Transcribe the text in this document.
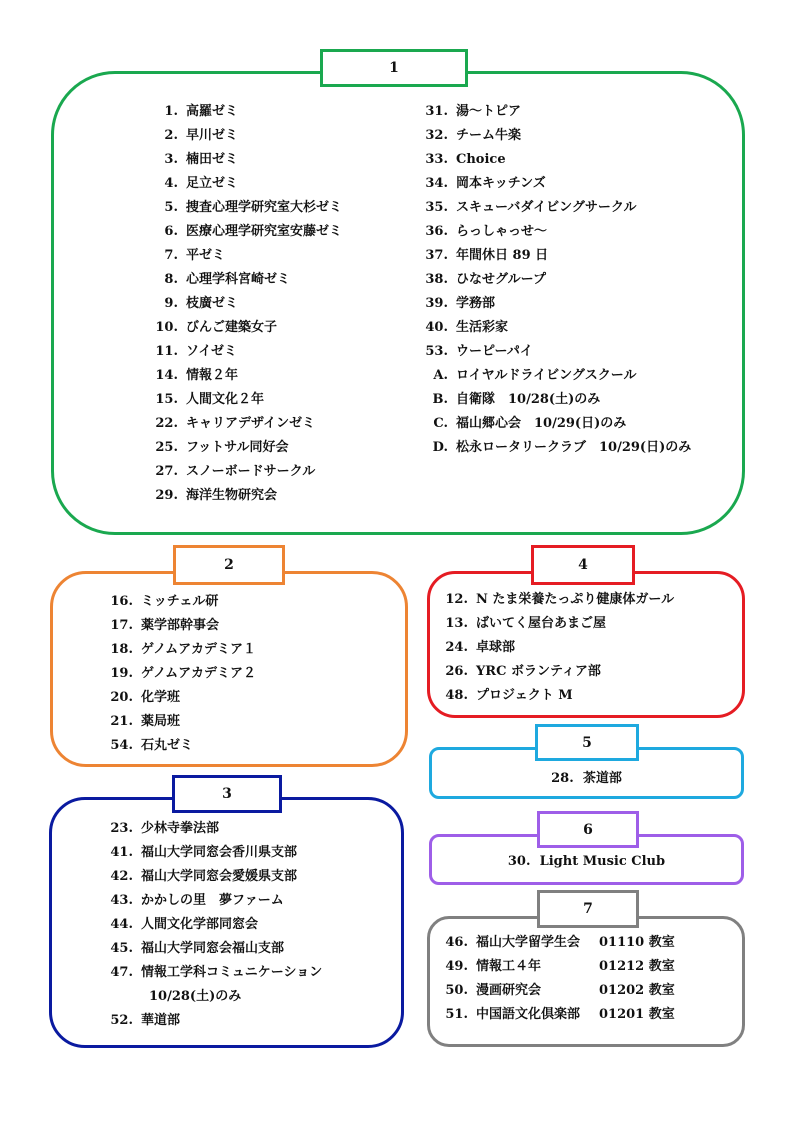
1
1. 高羅ゼミ
2. 早川ゼミ
3. 楠田ゼミ
4. 足立ゼミ
5. 捜査心理学研究室大杉ゼミ
6. 医療心理学研究室安藤ゼミ
7. 平ゼミ
8. 心理学科宮崎ゼミ
9. 枝廣ゼミ
10. びんご建築女子
11. ソイゼミ
14. 情報２年
15. 人間文化２年
22. キャリアデザインゼミ
25. フットサル同好会
27. スノーボードサークル
29. 海洋生物研究会
31. 湯〜トピア
32. チーム牛楽
33. Choice
34. 岡本キッチンズ
35. スキューバダイビングサークル
36. らっしゃっせ〜
37. 年間休日 89 日
38. ひなせグループ
39. 学務部
40. 生活彩家
53. ウーピーパイ
A. ロイヤルドライビングスクール
B. 自衛隊　10/28(土)のみ
C. 福山郷心会　10/29(日)のみ
D. 松永ロータリークラブ　10/29(日)のみ
2
16. ミッチェル研
17. 薬学部幹事会
18. ゲノムアカデミア１
19. ゲノムアカデミア２
20. 化学班
21. 薬局班
54. 石丸ゼミ
3
23. 少林寺拳法部
41. 福山大学同窓会香川県支部
42. 福山大学同窓会愛媛県支部
43. かかしの里　夢ファーム
44. 人間文化学部同窓会
45. 福山大学同窓会福山支部
47. 情報工学科コミュニケーション
10/28(土)のみ
52. 華道部
4
12. N たま栄養たっぷり健康体ガール
13. ばいてく屋台あまご屋
24. 卓球部
26. YRC ボランティア部
48. プロジェクト M
28. 茶道部
5
30. Light Music Club
6
7
46. 福山大学留学生会 01110 教室
49. 情報工４年	01212 教室
50. 漫画研究会	01202 教室
51. 中国語文化倶楽部 01201 教室
